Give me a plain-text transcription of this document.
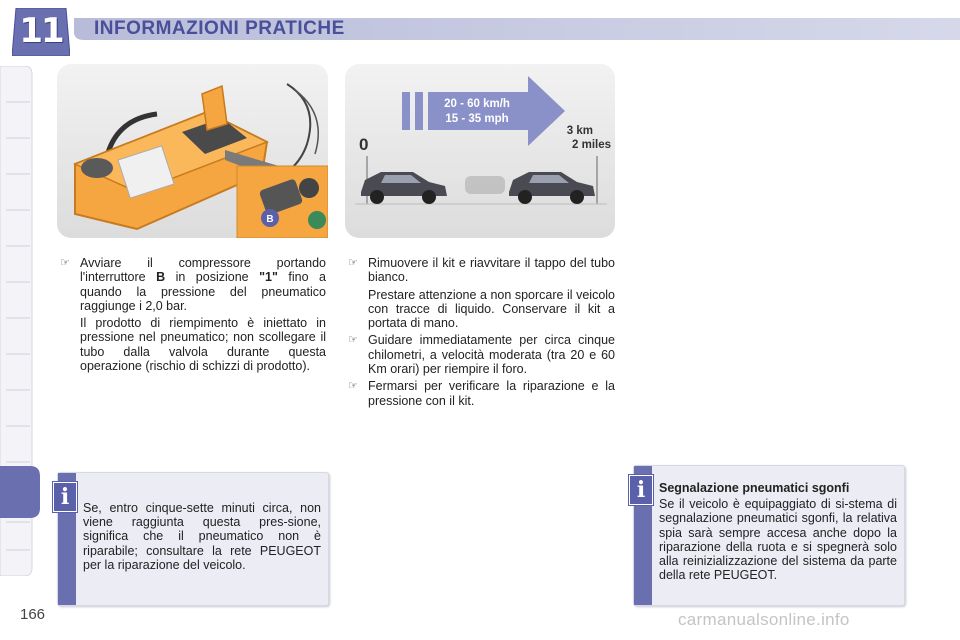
11 INFORMAZIONI PRATICHE
B
20 - 60 km/h
15 - 35 mph
0
3 km
2 miles

☞ Avviare il compressore portando l'interruttore B in posizione "1" fino a quando la pressione del pneumatico raggiunge i 2,0 bar.

Il prodotto di riempimento è iniettato in pressione nel pneumatico; non scollegare il tubo dalla valvola durante questa operazione (rischio di schizzi di prodotto).

☞ Rimuovere il kit e riavvitare il tappo del tubo bianco.

Prestare attenzione a non sporcare il veicolo con tracce di liquido. Conservare il kit a portata di mano.

☞ Guidare immediatamente per circa cinque chilometri, a velocità moderata (tra 20 e 60 Km orari) per riempire il foro.

☞ Fermarsi per verificare la riparazione e la pressione con il kit.

Se, entro cinque-sette minuti circa, non viene raggiunta questa pres-sione, significa che il pneumatico non è riparabile; consultare la rete PEUGEOT per la riparazione del veicolo.
i	Segnalazione pneumatici sgonfi
Se il veicolo è equipaggiato di si-stema di segnalazione pneumatici sgonfi, la relativa spia sarà sempre accesa anche dopo la riparazione della ruota e si spegnerà solo alla reinizializzazione del sistema da parte della rete PEUGEOT.
i
166	carmanualsonline.info
